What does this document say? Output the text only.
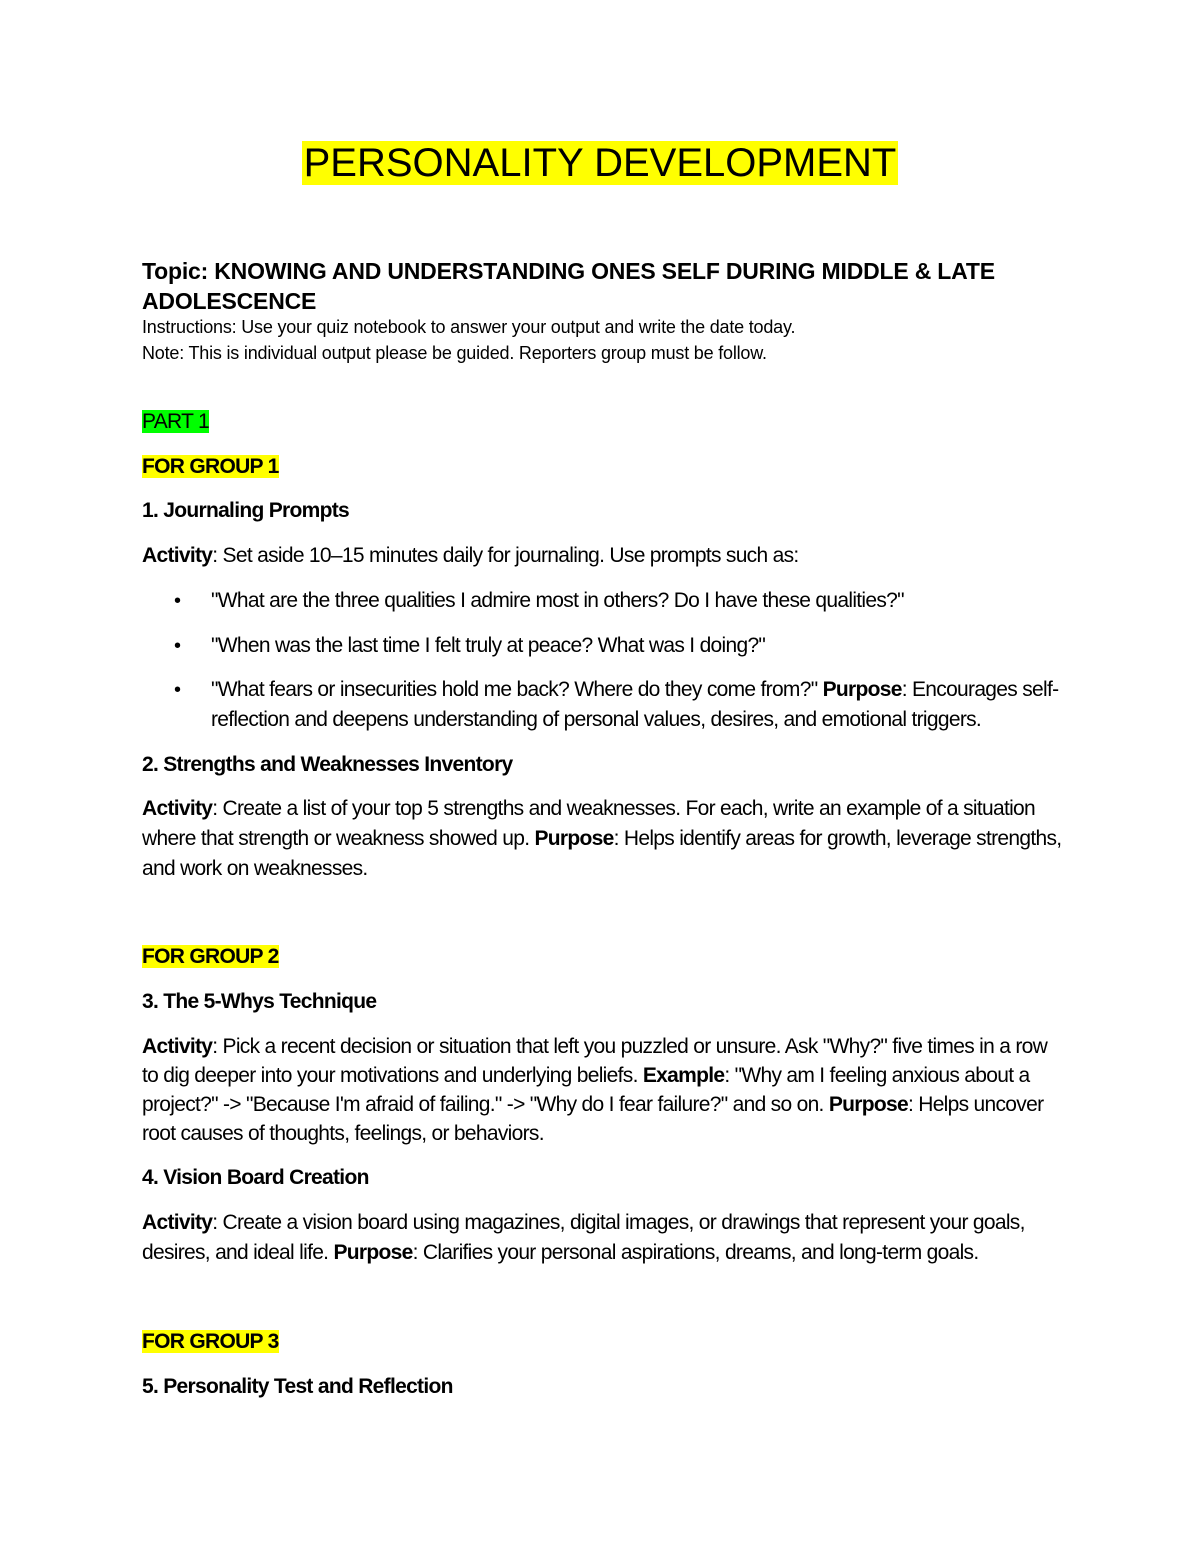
PERSONALITY DEVELOPMENT
Topic: KNOWING AND UNDERSTANDING ONES SELF DURING MIDDLE & LATE
ADOLESCENCE
Instructions: Use your quiz notebook to answer your output and write the date today.
Note: This is individual output please be guided. Reporters group must be follow.
PART 1
FOR GROUP 1
1. Journaling Prompts
Activity: Set aside 10–15 minutes daily for journaling. Use prompts such as:
• "What are the three qualities I admire most in others? Do I have these qualities?"
• "When was the last time I felt truly at peace? What was I doing?"
• "What fears or insecurities hold me back? Where do they come from?" Purpose: Encourages self-
reflection and deepens understanding of personal values, desires, and emotional triggers.
2. Strengths and Weaknesses Inventory
Activity: Create a list of your top 5 strengths and weaknesses. For each, write an example of a situation
where that strength or weakness showed up. Purpose: Helps identify areas for growth, leverage strengths,
and work on weaknesses.
FOR GROUP 2
3. The 5-Whys Technique
Activity: Pick a recent decision or situation that left you puzzled or unsure. Ask "Why?" five times in a row
to dig deeper into your motivations and underlying beliefs. Example: "Why am I feeling anxious about a
project?" -> "Because I'm afraid of failing." -> "Why do I fear failure?" and so on. Purpose: Helps uncover
root causes of thoughts, feelings, or behaviors.
4. Vision Board Creation
Activity: Create a vision board using magazines, digital images, or drawings that represent your goals,
desires, and ideal life. Purpose: Clarifies your personal aspirations, dreams, and long-term goals.
FOR GROUP 3
5. Personality Test and Reflection
